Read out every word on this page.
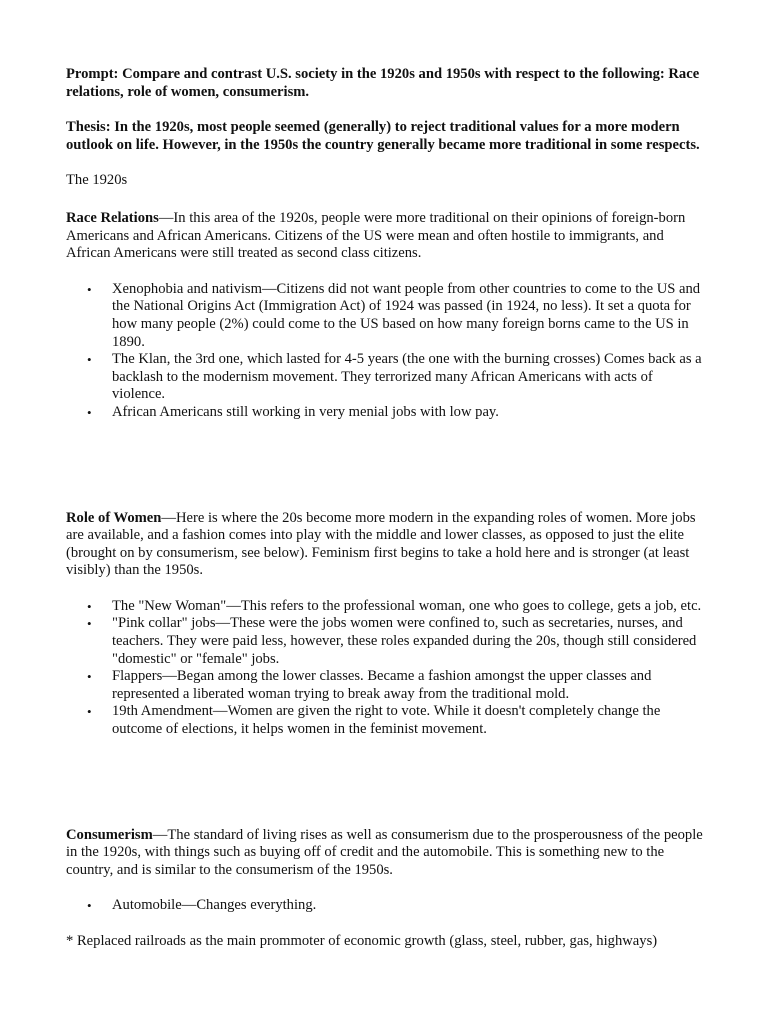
Prompt: Compare and contrast U.S. society in the 1920s and 1950s with respect to the following: Race relations, role of women, consumerism.

Thesis: In the 1920s, most people seemed (generally) to reject traditional values for a more modern outlook on life. However, in the 1950s the country generally became more traditional in some respects.

The 1920s

Race Relations—In this area of the 1920s, people were more traditional on their opinions of foreign-born Americans and African Americans. Citizens of the US were mean and often hostile to immigrants, and African Americans were still treated as second class citizens.

• Xenophobia and nativism—Citizens did not want people from other countries to come to the US and the National Origins Act (Immigration Act) of 1924 was passed (in 1924, no less). It set a quota for how many people (2%) could come to the US based on how many foreign borns came to the US in 1890.
• The Klan, the 3rd one, which lasted for 4-5 years (the one with the burning crosses) Comes back as a backlash to the modernism movement. They terrorized many African Americans with acts of violence.
• African Americans still working in very menial jobs with low pay.

Role of Women—Here is where the 20s become more modern in the expanding roles of women. More jobs are available, and a fashion comes into play with the middle and lower classes, as opposed to just the elite (brought on by consumerism, see below). Feminism first begins to take a hold here and is stronger (at least visibly) than the 1950s.

• The "New Woman"—This refers to the professional woman, one who goes to college, gets a job, etc.
• "Pink collar" jobs—These were the jobs women were confined to, such as secretaries, nurses, and teachers. They were paid less, however, these roles expanded during the 20s, though still considered "domestic" or "female" jobs.
• Flappers—Began among the lower classes. Became a fashion amongst the upper classes and represented a liberated woman trying to break away from the traditional mold.
• 19th Amendment—Women are given the right to vote. While it doesn't completely change the outcome of elections, it helps women in the feminist movement.

Consumerism—The standard of living rises as well as consumerism due to the prosperousness of the people in the 1920s, with things such as buying off of credit and the automobile. This is something new to the country, and is similar to the consumerism of the 1950s.

• Automobile—Changes everything.

* Replaced railroads as the main prommoter of economic growth (glass, steel, rubber, gas, highways)
